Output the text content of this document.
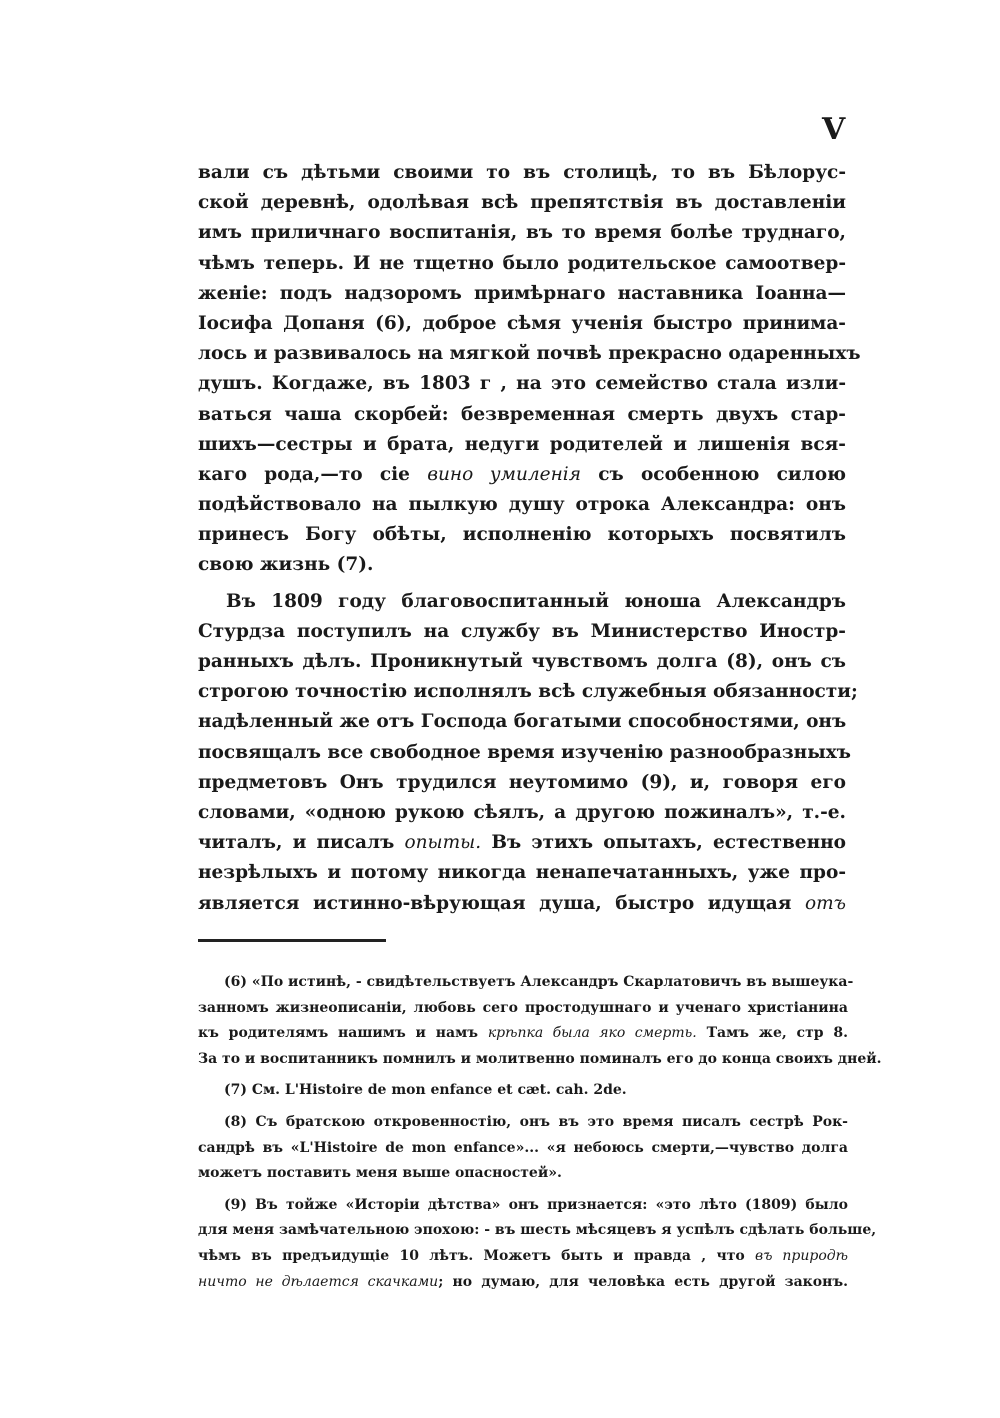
V
вали съ дѣтьми своими то въ столицѣ, то въ Бѣлорус-
ской деревнѣ, одолѣвая всѣ препятствія въ доставленіи
имъ приличнаго воспитанія, въ то время болѣе труднаго,
чѣмъ теперь. И не тщетно было родительское самоотвер-
женіе: подъ надзоромъ примѣрнаго наставника Іоанна—
Іосифа Допаня (6), доброе сѣмя ученія быстро принима-
лось и развивалось на мягкой почвѣ прекрасно одаренныхъ
душъ. Когдаже, въ 1803 г , на это семейство стала изли-
ваться чаша скорбей: безвременная смерть двухъ стар-
шихъ—сестры и брата, недуги родителей и лишенія вся-
каго рода,—то сіе вино умиленія съ особенною силою
подѣйствовало на пылкую душу отрока Александра: онъ
принесъ Богу обѣты, исполненію которыхъ посвятилъ
свою жизнь (7).
Въ 1809 году благовоспитанный юноша Александръ
Стурдза поступилъ на службу въ Министерство Иностр-
ранныхъ дѣлъ. Проникнутый чувствомъ долга (8), онъ съ
строгою точностію исполнялъ всѣ служебныя обязанности;
надѣленный же отъ Господа богатыми способностями, онъ
посвящалъ все свободное время изученію разнообразныхъ
предметовъ Онъ трудился неутомимо (9), и, говоря его
словами, «одною рукою сѣялъ, а другою пожиналъ», т.-е.
читалъ, и писалъ опыты. Въ этихъ опытахъ, естественно
незрѣлыхъ и потому никогда ненапечатанныхъ, уже про-
являетcя истинно-вѣрующая душа, быстро идущая отъ
(6) «По истинѣ, - свидѣтельствуетъ Александръ Скарлатовичъ въ вышеука-
занномъ жизнеописаніи, любовь сего простодушнаго и ученаго христіанина
къ родителямъ нашимъ и намъ крѣпка была яко смерть. Тамъ же, стр 8.
За то и воспитанникъ помнилъ и молитвенно поминалъ его до конца своихъ дней.
(7) См. L'Histoire de mon enfance et cæt. cah. 2de.
(8) Съ братскою откровенностію, онъ въ это время писалъ сестрѣ Рок-
сандрѣ въ «L'Histoire de mon enfance»... «я небоюсь смерти,—чувство долга
можетъ поставить меня выше опасностей».
(9) Въ тойже «Исторіи дѣтства» онъ признается: «это лѣто (1809) было
для меня замѣчательною эпохою: - въ шесть мѣсяцевъ я успѣлъ сдѣлать больше,
чѣмъ въ предъидущіе 10 лѣтъ. Можетъ быть и правда , что въ природѣ
ничто не дѣлается скачками; но думаю, для человѣка есть другой законъ.
